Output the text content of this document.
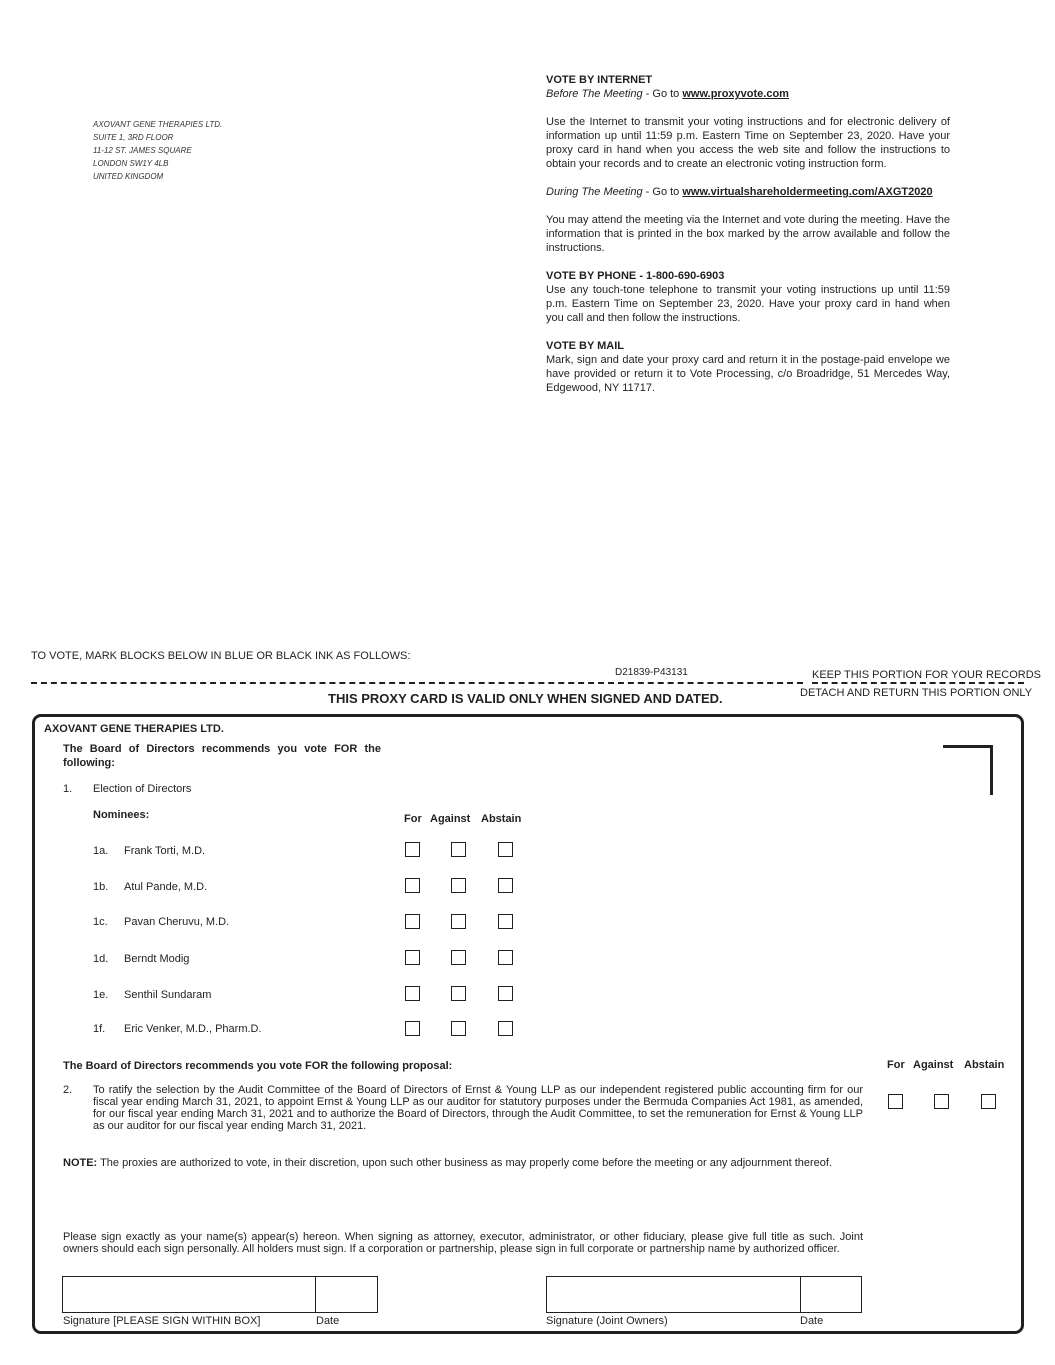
AXOVANT GENE THERAPIES LTD.
SUITE 1, 3RD FLOOR
11-12 ST. JAMES SQUARE
LONDON SW1Y 4LB
UNITED KINGDOM
VOTE BY INTERNET
Before The Meeting - Go to www.proxyvote.com

Use the Internet to transmit your voting instructions and for electronic delivery of information up until 11:59 p.m. Eastern Time on September 23, 2020. Have your proxy card in hand when you access the web site and follow the instructions to obtain your records and to create an electronic voting instruction form.

During The Meeting - Go to www.virtualshareholdermeeting.com/AXGT2020

You may attend the meeting via the Internet and vote during the meeting. Have the information that is printed in the box marked by the arrow available and follow the instructions.

VOTE BY PHONE - 1-800-690-6903

Use any touch-tone telephone to transmit your voting instructions up until 11:59 p.m. Eastern Time on September 23, 2020. Have your proxy card in hand when you call and then follow the instructions.

VOTE BY MAIL

Mark, sign and date your proxy card and return it in the postage-paid envelope we have provided or return it to Vote Processing, c/o Broadridge, 51 Mercedes Way, Edgewood, NY 11717.

TO VOTE, MARK BLOCKS BELOW IN BLUE OR BLACK INK AS FOLLOWS:
D21839-P43131	KEEP THIS PORTION FOR YOUR RECORDS
DETACH AND RETURN THIS PORTION ONLY
THIS PROXY CARD IS VALID ONLY WHEN SIGNED AND DATED.
AXOVANT GENE THERAPIES LTD.
The Board of Directors recommends you vote FOR the following:
1. Election of Directors
Nominees:	For Against Abstain
1a. Frank Torti, M.D.
1b. Atul Pande, M.D.
1c. Pavan Cheruvu, M.D.
1d. Berndt Modig
1e. Senthil Sundaram
1f. Eric Venker, M.D., Pharm.D.
The Board of Directors recommends you vote FOR the following proposal:	For Against Abstain
2. To ratify the selection by the Audit Committee of the Board of Directors of Ernst & Young LLP as our independent registered public accounting firm for our fiscal year ending March 31, 2021, to appoint Ernst & Young LLP as our auditor for statutory purposes under the Bermuda Companies Act 1981, as amended, for our fiscal year ending March 31, 2021 and to authorize the Board of Directors, through the Audit Committee, to set the remuneration for Ernst & Young LLP as our auditor for our fiscal year ending March 31, 2021.
NOTE: The proxies are authorized to vote, in their discretion, upon such other business as may properly come before the meeting or any adjournment thereof.
Please sign exactly as your name(s) appear(s) hereon. When signing as attorney, executor, administrator, or other fiduciary, please give full title as such. Joint owners should each sign personally. All holders must sign. If a corporation or partnership, please sign in full corporate or partnership name by authorized officer.
Signature [PLEASE SIGN WITHIN BOX]	Date	Signature (Joint Owners)	Date
